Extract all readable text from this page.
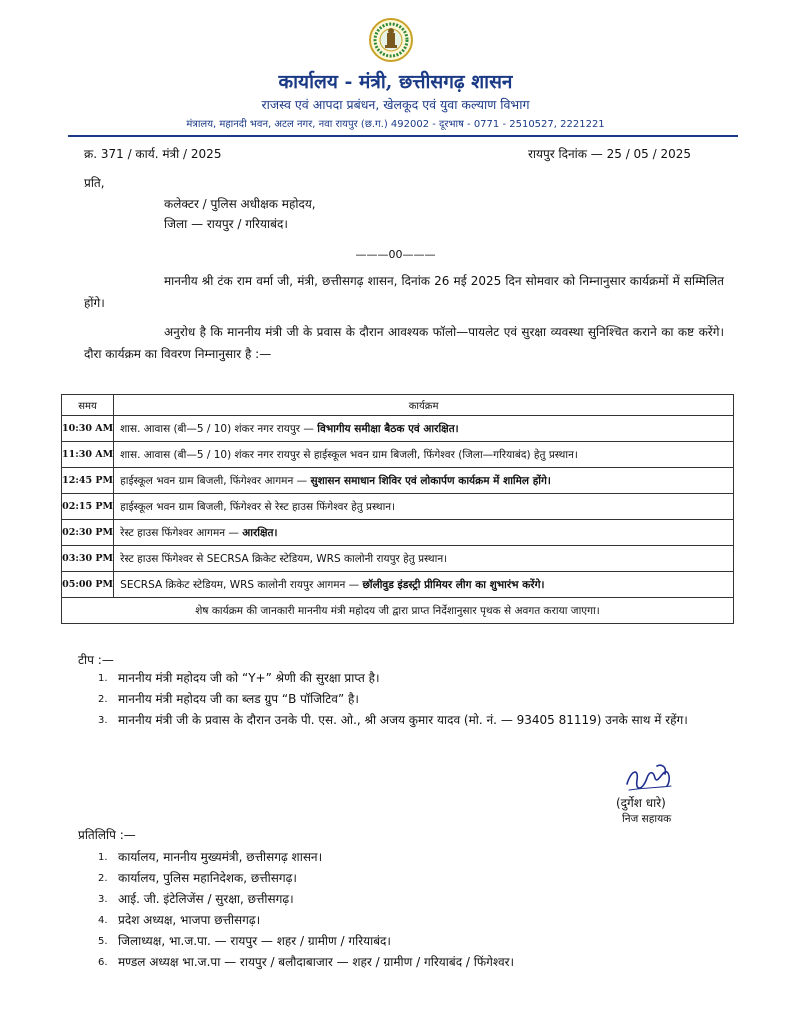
कार्यालय - मंत्री, छत्तीसगढ़ शासन
राजस्व एवं आपदा प्रबंधन, खेलकूद एवं युवा कल्याण विभाग
मंत्रालय, महानदी भवन, अटल नगर, नवा रायपुर (छ.ग.) 492002 - दूरभाष - 0771 - 2510527, 2221221
क्र. 371 / कार्य. मंत्री / 2025	रायपुर दिनांक — 25 / 05 / 2025
प्रति,
कलेक्टर / पुलिस अधीक्षक महोदय,
जिला — रायपुर / गरियाबंद।
———00———
माननीय श्री टंक राम वर्मा जी, मंत्री, छत्तीसगढ़ शासन, दिनांक 26 मई 2025 दिन सोमवार को निम्नानुसार कार्यक्रमों में सम्मिलित होंगे।
अनुरोध है कि माननीय मंत्री जी के प्रवास के दौरान आवश्यक फॉलो—पायलेट एवं सुरक्षा व्यवस्था सुनिश्चित कराने का कष्ट करेंगे। दौरा कार्यक्रम का विवरण निम्नानुसार है :—
समय	कार्यक्रम
10:30 AM	शास. आवास (बी—5 / 10) शंकर नगर रायपुर — विभागीय समीक्षा बैठक एवं आरक्षित।
11:30 AM	शास. आवास (बी—5 / 10) शंकर नगर रायपुर से हाईस्कूल भवन ग्राम बिजली, फिंगेश्वर (जिला—गरियाबंद) हेतु प्रस्थान।
12:45 PM	हाईस्कूल भवन ग्राम बिजली, फिंगेश्वर आगमन — सुशासन समाधान शिविर एवं लोकार्पण कार्यक्रम में शामिल होंगे।
02:15 PM	हाईस्कूल भवन ग्राम बिजली, फिंगेश्वर से रेस्ट हाउस फिंगेश्वर हेतु प्रस्थान।
02:30 PM	रेस्ट हाउस फिंगेश्वर आगमन — आरक्षित।
03:30 PM	रेस्ट हाउस फिंगेश्वर से SECRSA क्रिकेट स्टेडियम, WRS कालोनी रायपुर हेतु प्रस्थान।
05:00 PM	SECRSA क्रिकेट स्टेडियम, WRS कालोनी रायपुर आगमन — छॉलीवुड इंडस्ट्री प्रीमियर लीग का शुभारंभ करेंगे।
शेष कार्यक्रम की जानकारी माननीय मंत्री महोदय जी द्वारा प्राप्त निर्देशानुसार पृथक से अवगत कराया जाएगा।	
टीप :—
1. माननीय मंत्री महोदय जी को “Y+” श्रेणी की सुरक्षा प्राप्त है।
2. माननीय मंत्री महोदय जी का ब्लड ग्रुप “B पॉजिटिव” है।
3. माननीय मंत्री जी के प्रवास के दौरान उनके पी. एस. ओ., श्री अजय कुमार यादव (मो. नं. — 93405 81119) उनके साथ में रहेंग।
(दुर्गेश धारे)
निज सहायक
प्रतिलिपि :—
1. कार्यालय, माननीय मुख्यमंत्री, छत्तीसगढ़ शासन।
2. कार्यालय, पुलिस महानिदेशक, छत्तीसगढ़।
3. आई. जी. इंटेलिजेंस / सुरक्षा, छत्तीसगढ़।
4. प्रदेश अध्यक्ष, भाजपा छत्तीसगढ़।
5. जिलाध्यक्ष, भा.ज.पा. — रायपुर — शहर / ग्रामीण / गरियाबंद।
6. मण्डल अध्यक्ष भा.ज.पा — रायपुर / बलौदाबाजार — शहर / ग्रामीण / गरियाबंद / फिंगेश्वर।
